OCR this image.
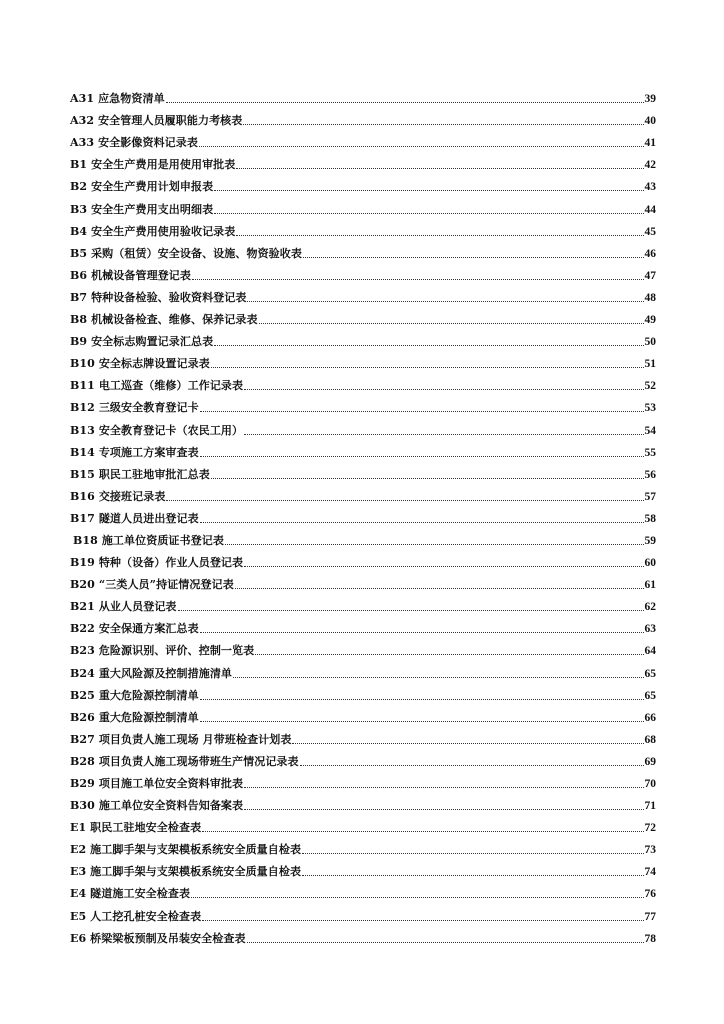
A31 应急物资清单	39
A32 安全管理人员履职能力考核表	40
A33 安全影像资料记录表	41
B1 安全生产费用是用使用审批表	42
B2 安全生产费用计划申报表	43
B3 安全生产费用支出明细表	44
B4 安全生产费用使用验收记录表	45
B5 采购（租赁）安全设备、设施、物资验收表	46
B6 机械设备管理登记表	47
B7 特种设备检验、验收资料登记表	48
B8 机械设备检查、维修、保养记录表	49
B9 安全标志购置记录汇总表	50
B10 安全标志牌设置记录表	51
B11 电工巡查（维修）工作记录表	52
B12 三级安全教育登记卡	53
B13 安全教育登记卡（农民工用）	54
B14 专项施工方案审查表	55
B15 职民工驻地审批汇总表	56
B16 交接班记录表	57
B17 隧道人员进出登记表	58
B18 施工单位资质证书登记表	59
B19 特种（设备）作业人员登记表	60
B20 “三类人员”持证情况登记表	61
B21 从业人员登记表	62
B22 安全保通方案汇总表	63
B23 危险源识别、评价、控制一览表	64
B24 重大风险源及控制措施清单	65
B25 重大危险源控制清单	65
B26 重大危险源控制清单	66
B27 项目负责人施工现场 月带班检查计划表	68
B28 项目负责人施工现场带班生产情况记录表	69
B29 项目施工单位安全资料审批表	70
B30 施工单位安全资料告知备案表	71
E1 职民工驻地安全检查表	72
E2 施工脚手架与支架模板系统安全质量自检表	73
E3 施工脚手架与支架模板系统安全质量自检表	74
E4 隧道施工安全检查表	76
E5 人工挖孔桩安全检查表	77
E6 桥梁梁板预制及吊装安全检查表	78
